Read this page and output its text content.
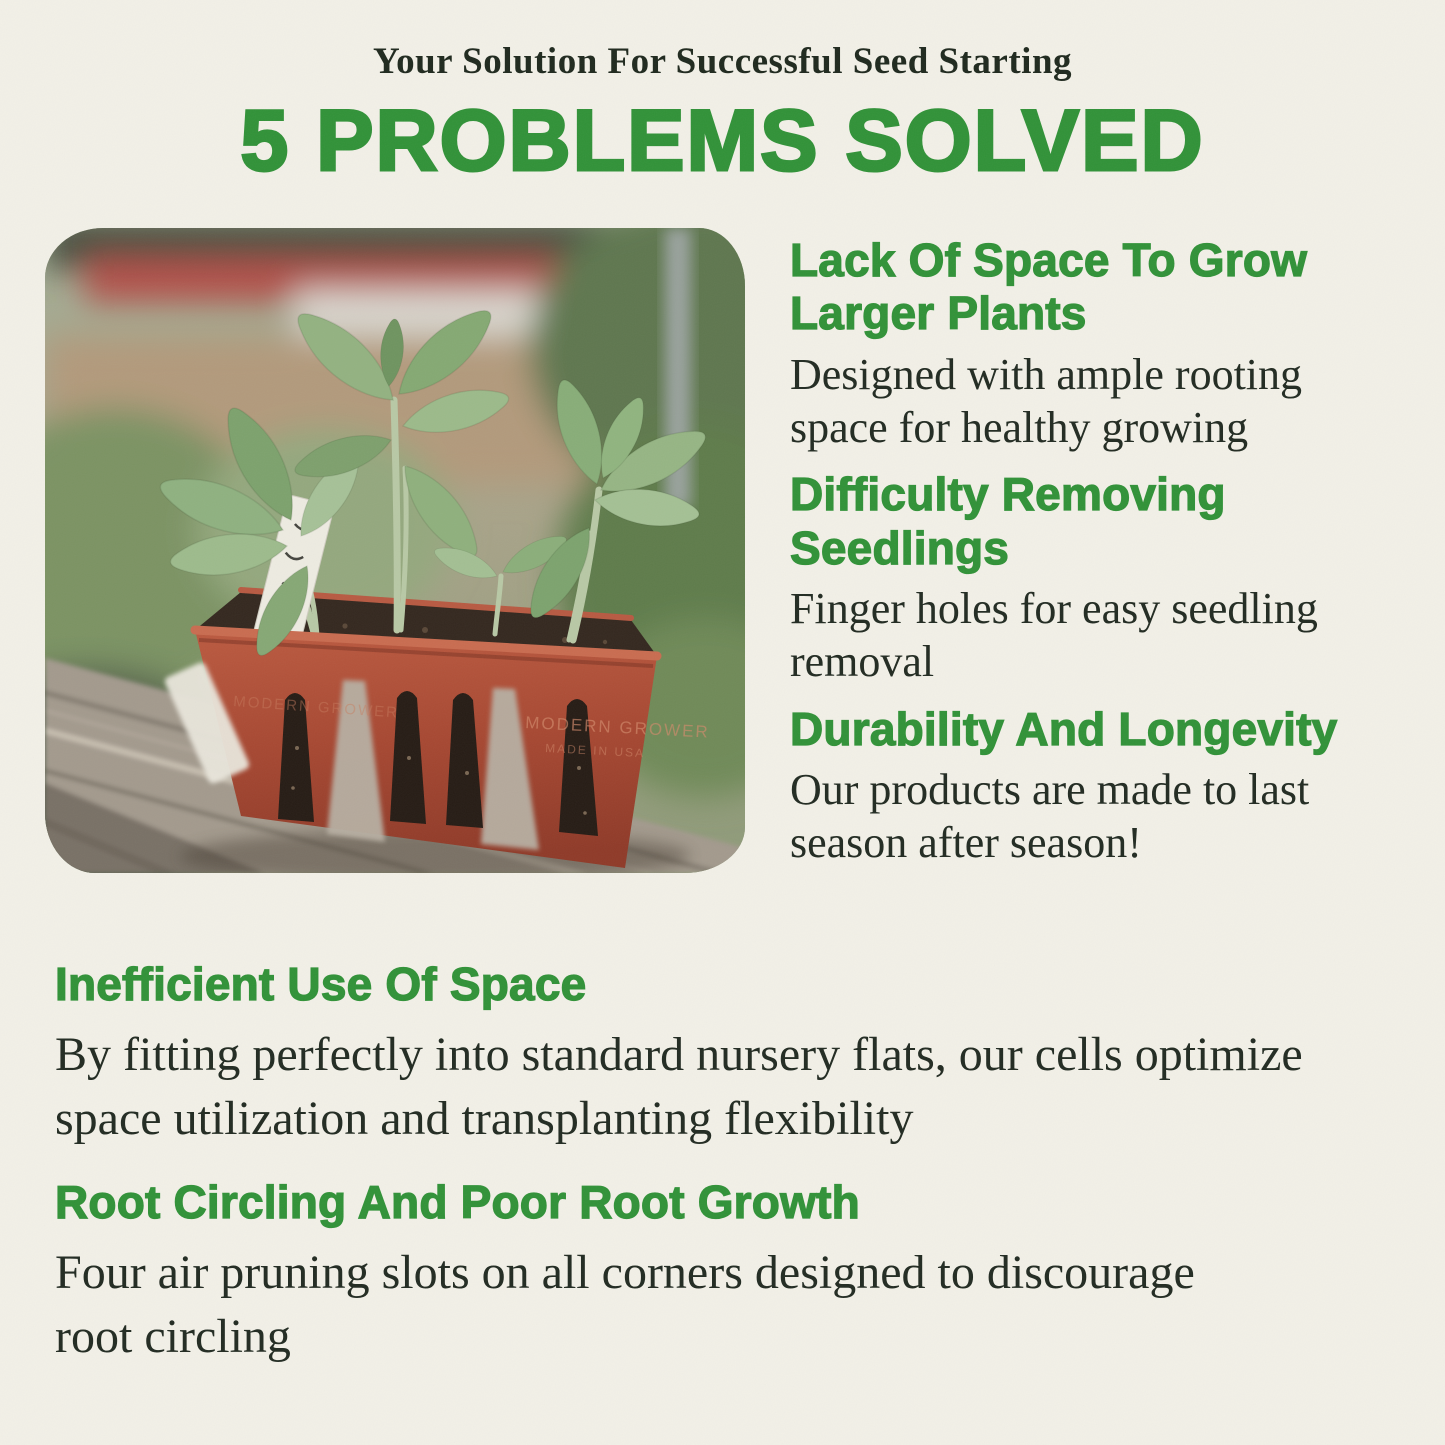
Your Solution For Successful Seed Starting
5 PROBLEMS SOLVED
MODERN GROWER
MADE IN USA
MODERN GROWER
Lack Of Space To Grow Larger Plants

Designed with ample rooting space for healthy growing

Difficulty Removing Seedlings

Finger holes for easy seedling removal

Durability And Longevity

Our products are made to last season after season!

Inefficient Use Of Space

By fitting perfectly into standard nursery flats, our cells optimize space utilization and transplanting flexibility

Root Circling And Poor Root Growth

Four air pruning slots on all corners designed to discourage root circling
